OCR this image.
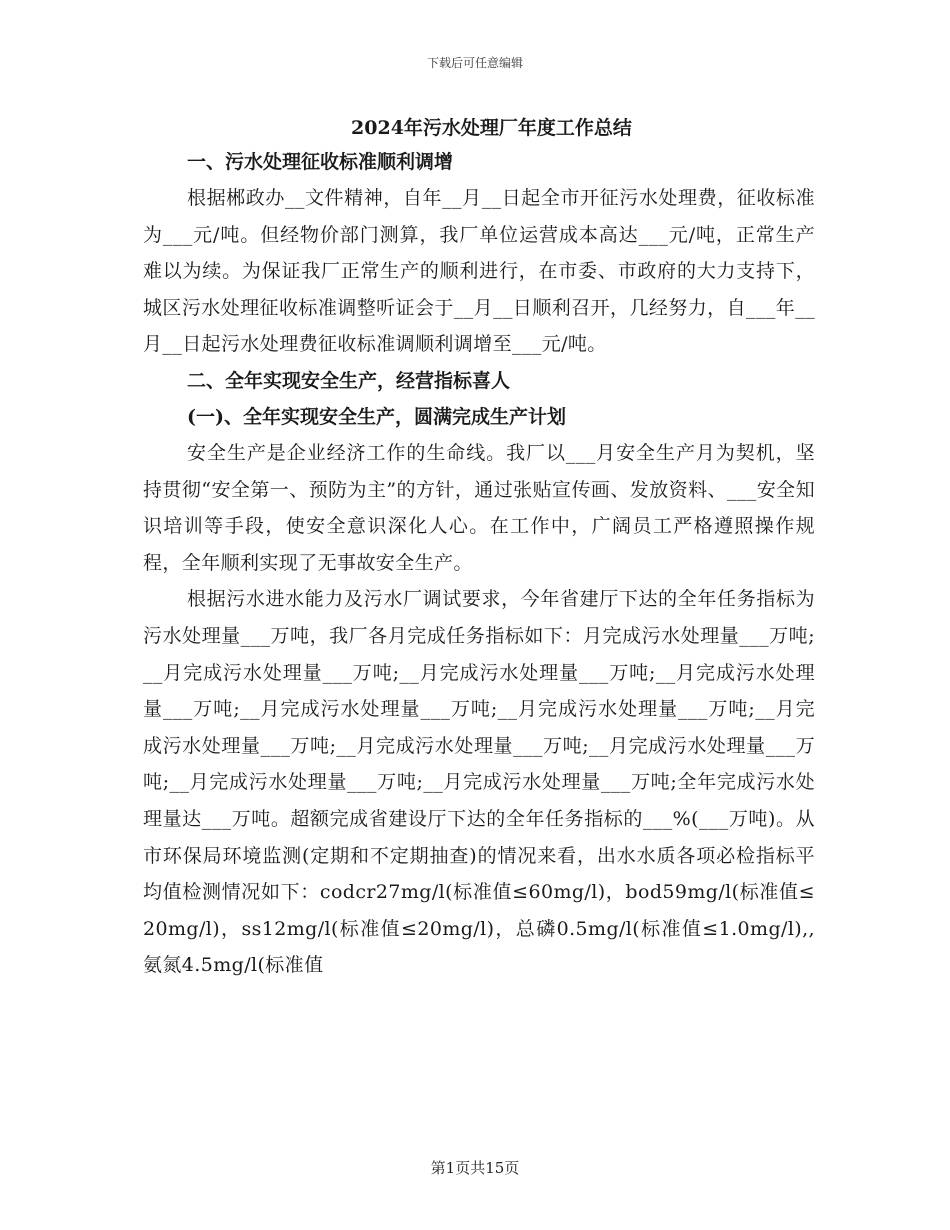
下载后可任意编辑

2024年污水处理厂年度工作总结

一、污水处理征收标准顺利调增

根据郴政办__文件精神，自年__月__日起全市开征污水处理费，征收标准为___元/吨。但经物价部门测算，我厂单位运营成本高达___元/吨，正常生产难以为续。为保证我厂正常生产的顺利进行，在市委、市政府的大力支持下，城区污水处理征收标准调整听证会于__月__日顺利召开，几经努力，自___年__月__日起污水处理费征收标准调顺利调增至___元/吨。

二、全年实现安全生产，经营指标喜人

(一)、全年实现安全生产，圆满完成生产计划

安全生产是企业经济工作的生命线。我厂以___月安全生产月为契机，坚持贯彻“安全第一、预防为主”的方针，通过张贴宣传画、发放资料、___安全知识培训等手段，使安全意识深化人心。在工作中，广阔员工严格遵照操作规程，全年顺利实现了无事故安全生产。

根据污水进水能力及污水厂调试要求，今年省建厅下达的全年任务指标为污水处理量___万吨，我厂各月完成任务指标如下：月完成污水处理量___万吨;__月完成污水处理量___万吨;__月完成污水处理量___万吨;__月完成污水处理量___万吨;__月完成污水处理量___万吨;__月完成污水处理量___万吨;__月完成污水处理量___万吨;__月完成污水处理量___万吨;__月完成污水处理量___万吨;__月完成污水处理量___万吨;__月完成污水处理量___万吨;全年完成污水处理量达___万吨。超额完成省建设厅下达的全年任务指标的___%(___万吨)。从市环保局环境监测(定期和不定期抽查)的情况来看，出水水质各项必检指标平均值检测情况如下：codcr27mg/l(标准值≤60mg/l)，bod59mg/l(标准值≤20mg/l)，ss12mg/l(标准值≤20mg/l)，总磷0.5mg/l(标准值≤1.0mg/l),,氨氮4.5mg/l(标准值

第1页共15页
